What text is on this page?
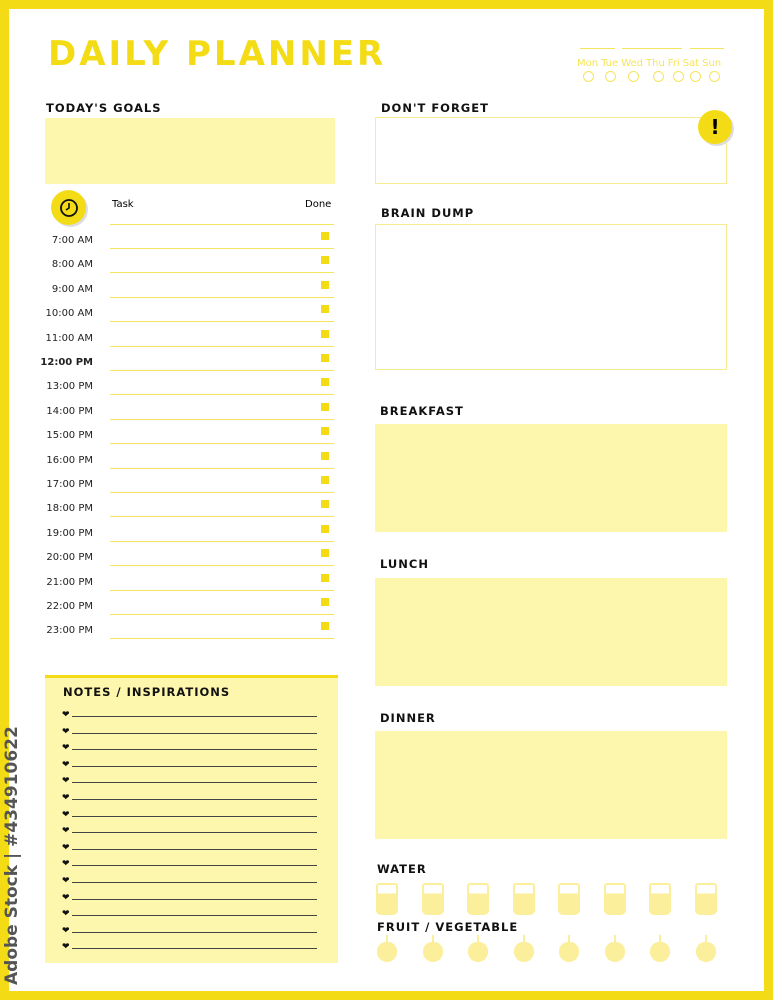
DAILY PLANNER	Mon Tue Wed Thu Fri Sat Sun
TODAY'S GOALS
Task	Done
7:00 AM
8:00 AM
9:00 AM
10:00 AM
11:00 AM
12:00 PM
13:00 PM
14:00 PM
15:00 PM
16:00 PM
17:00 PM
18:00 PM
19:00 PM
20:00 PM
21:00 PM
22:00 PM
23:00 PM
NOTES / INSPIRATIONS
❤
❤
❤
❤
❤
❤
❤
❤
❤
❤
❤
❤
❤
❤
❤
DON'T FORGET
!
BRAIN DUMP
BREAKFAST
LUNCH
DINNER
WATER
FRUIT / VEGETABLE
Adobe Stock | #434910622
